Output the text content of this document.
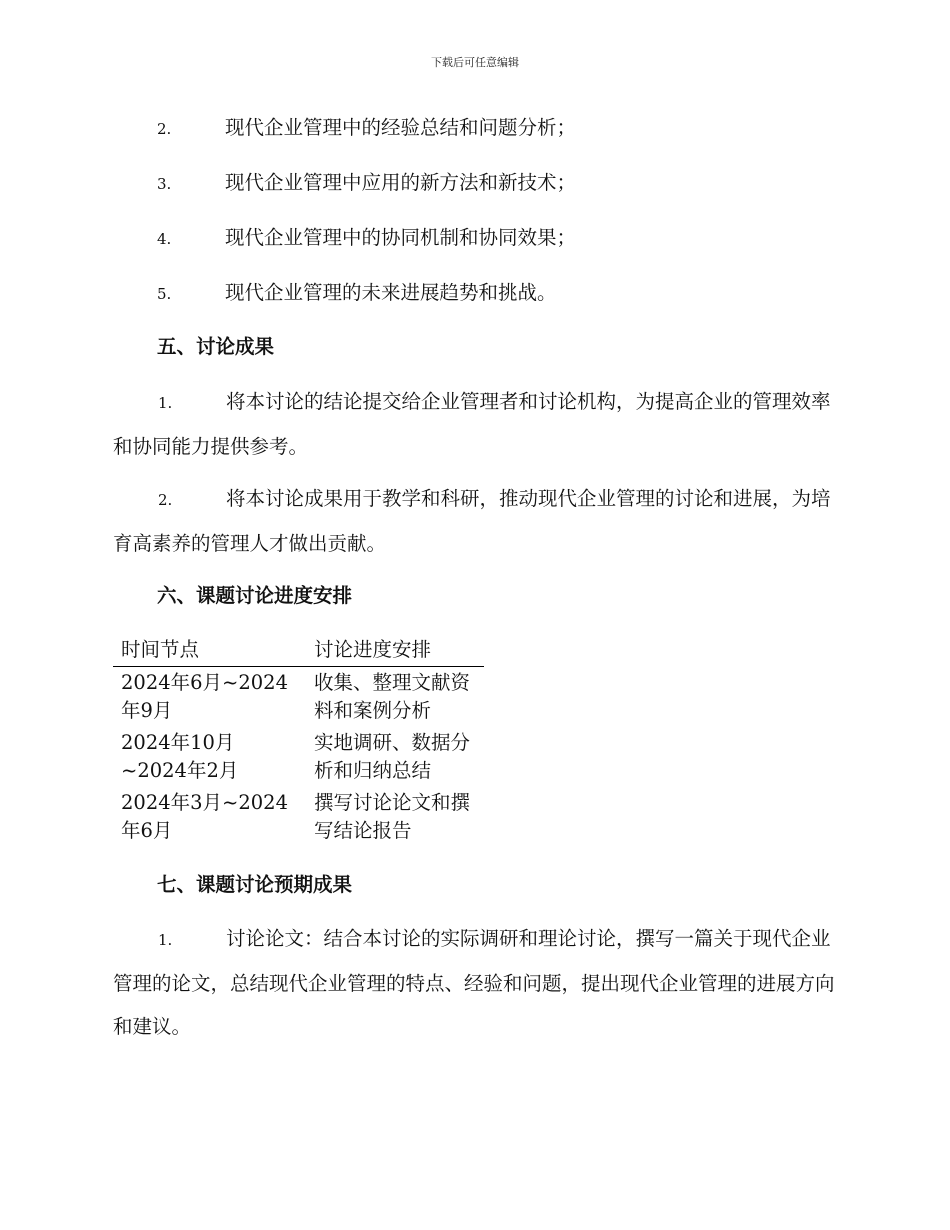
下载后可任意编辑
2.	现代企业管理中的经验总结和问题分析；
3.	现代企业管理中应用的新方法和新技术；
4.	现代企业管理中的协同机制和协同效果；
5.	现代企业管理的未来进展趋势和挑战。
五、讨论成果
1.	将本讨论的结论提交给企业管理者和讨论机构，为提高企业的管理效率和协同能力提供参考。
2.	将本讨论成果用于教学和科研，推动现代企业管理的讨论和进展，为培育高素养的管理人才做出贡献。
六、课题讨论进度安排
时间节点	讨论进度安排
2024年6月~2024年9月	收集、整理文献资料和案例分析
2024年10月~2024年2月	实地调研、数据分析和归纳总结
2024年3月~2024年6月	撰写讨论论文和撰写结论报告
七、课题讨论预期成果
1.	讨论论文：结合本讨论的实际调研和理论讨论，撰写一篇关于现代企业管理的论文，总结现代企业管理的特点、经验和问题，提出现代企业管理的进展方向和建议。
